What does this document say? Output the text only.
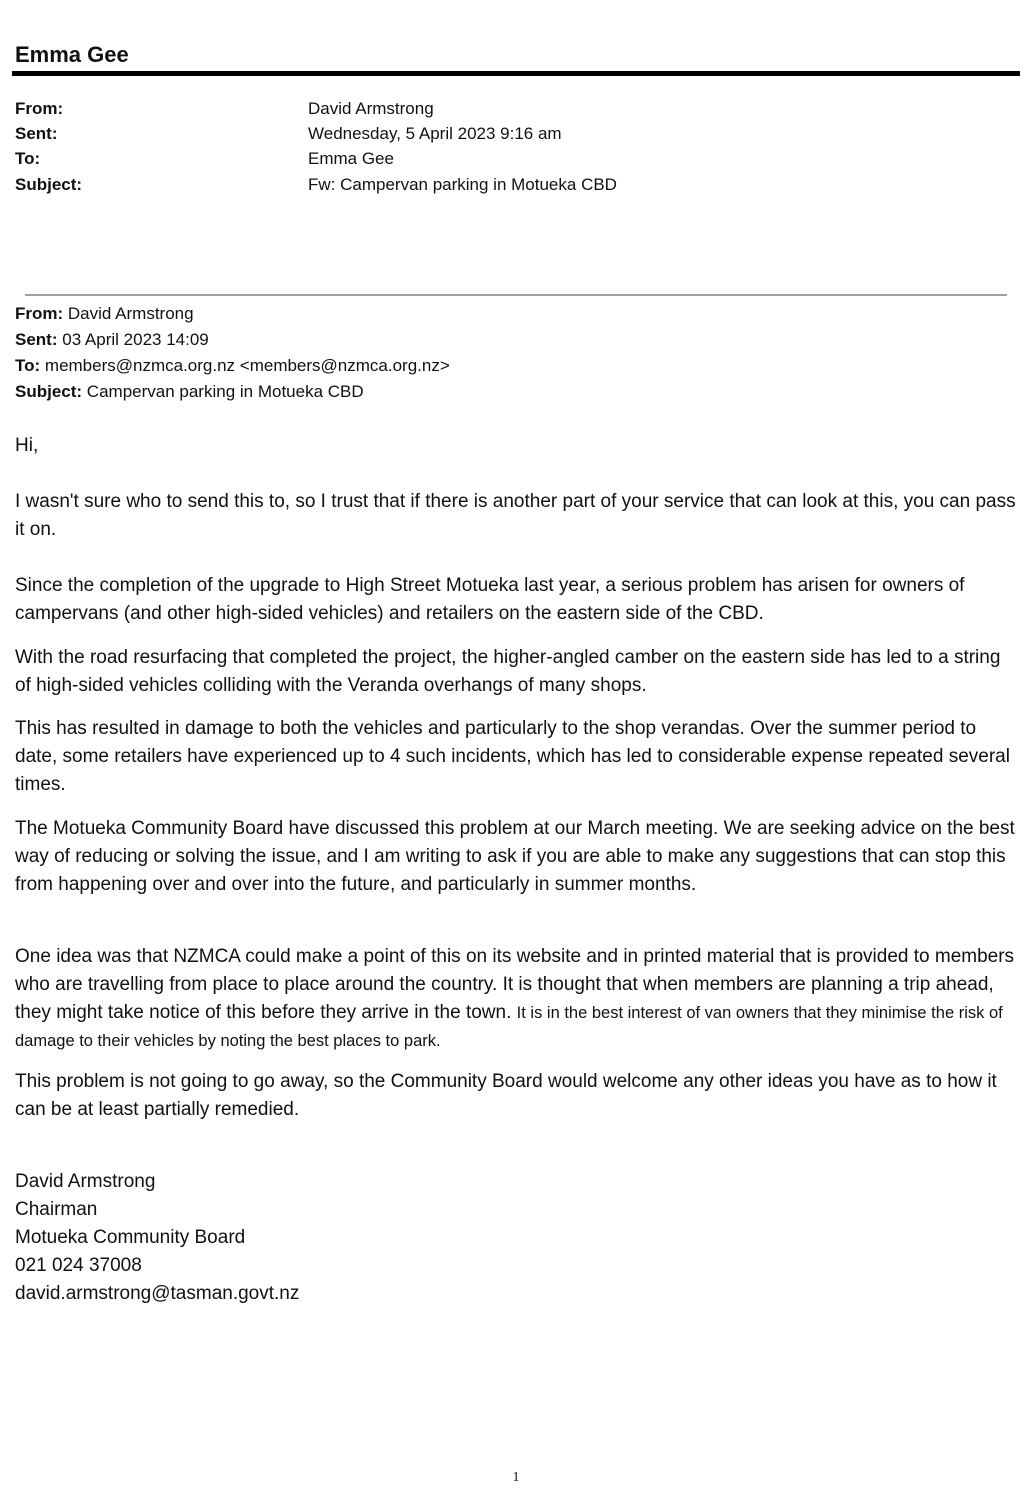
Emma Gee
From:	David Armstrong
Sent:	Wednesday, 5 April 2023 9:16 am
To:	Emma Gee
Subject:	Fw: Campervan parking in Motueka CBD
From: David Armstrong
Sent: 03 April 2023 14:09
To: members@nzmca.org.nz <members@nzmca.org.nz>
Subject: Campervan parking in Motueka CBD
Hi,
I wasn't sure who to send this to, so I trust that if there is another part of your service that can look at this, you can pass it on.
Since the completion of the upgrade to High Street Motueka last year, a serious problem has arisen for owners of campervans (and other high-sided vehicles) and retailers on the eastern side of the CBD.
With the road resurfacing that completed the project, the higher-angled camber on the eastern side has led to a string of high-sided vehicles colliding with the Veranda overhangs of many shops.
This has resulted in damage to both the vehicles and particularly to the shop verandas. Over the summer period to date, some retailers have experienced up to 4 such incidents, which has led to considerable expense repeated several times.
The Motueka Community Board have discussed this problem at our March meeting. We are seeking advice on the best way of reducing or solving the issue, and I am writing to ask if you are able to make any suggestions that can stop this from happening over and over into the future, and particularly in summer months.
One idea was that NZMCA could make a point of this on its website and in printed material that is provided to members who are travelling from place to place around the country. It is thought that when members are planning a trip ahead, they might take notice of this before they arrive in the town. It is in the best interest of van owners that they minimise the risk of damage to their vehicles by noting the best places to park.
This problem is not going to go away, so the Community Board would welcome any other ideas you have as to how it can be at least partially remedied.
David Armstrong
Chairman
Motueka Community Board
021 024 37008
david.armstrong@tasman.govt.nz
1
